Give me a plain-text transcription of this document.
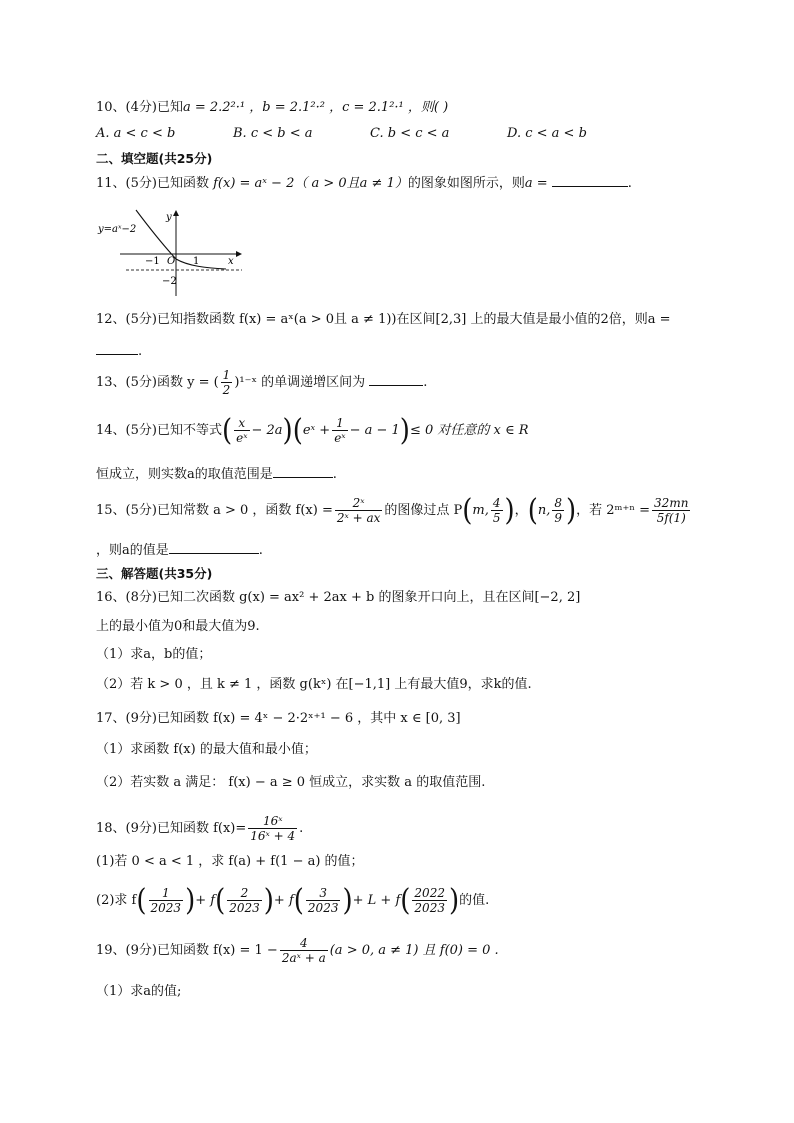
10、(4分)已知a = 2.2²·¹ ，b = 2.1²·² ，c = 2.1²·¹ ，则( )
A. a < c < b	B. c < b < a	C. b < c < a	D. c < a < b
二、填空题(共25分)
11、(5分)已知函数 f(x) = aˣ − 2（ a > 0且a ≠ 1）的图象如图所示，则a =	.
y=aˣ−2
y
x
O
−1	1
−2
12、(5分)已知指数函数 f(x) = aˣ(a > 0且 a ≠ 1))在区间[2,3] 上的最大值是最小值的2倍，则a =
.
13、(5分)函数 y = ( $\frac{1}{2}$ )¹⁻ˣ 的单调递增区间为	.
14、(5分)已知不等式( $\frac{x}{\text{eˣ}}$ − 2a)(eˣ + $\frac{1}{\text{eˣ}} - a - 1)\le 0$ 对任意的 x ∈ R
恒成立，则实数a的取值范围是	.
15、(5分)已知常数 a > 0 ，函数 $f(x) = \frac{\text{2ˣ}}{\text{2ˣ + ax}}$ 的图像过点 P(m, $\frac{4}{5}$ )，(n, $\frac{8}{9}$ )，若 2ᵐ⁺ⁿ = $\frac{32mn}{5f(1)}$
，则a的值是	.
三、解答题(共35分)
16、(8分)已知二次函数 g(x) = ax² + 2ax + b 的图象开口向上，且在区间[−2, 2]
上的最小值为0和最大值为9.
（1）求a，b的值；
（2）若 k > 0 ，且 k ≠ 1 ，函数 g(kˣ) 在[−1,1] 上有最大值9，求k的值.
17、(9分)已知函数 f(x) = 4ˣ − 2·2ˣ⁺¹ − 6 ，其中 x ∈ [0, 3]
（1）求函数 f(x) 的最大值和最小值；
（2）若实数 a 满足： f(x) − a ≥ 0 恒成立，求实数 a 的取值范围.
18、(9分)已知函数 $f(x)= \frac{\text{16ˣ}}{\text{16ˣ + 4}}$ .
(1)若 0 < a < 1 ，求 f(a) + f(1 − a) 的值；
(2)求 $f( \frac{1}{2023}$ )+ $f( \frac{2}{2023}$ )+ $f( \frac{3}{2023}$ )+ $L + f( \frac{2022}{2023}$ )的值.
19、(9分)已知函数 $f(x) = 1 - \frac{4}{\text{2aˣ + a}} (a > 0$, a ≠ 1) 且 f(0) = 0 .
（1）求a的值;
